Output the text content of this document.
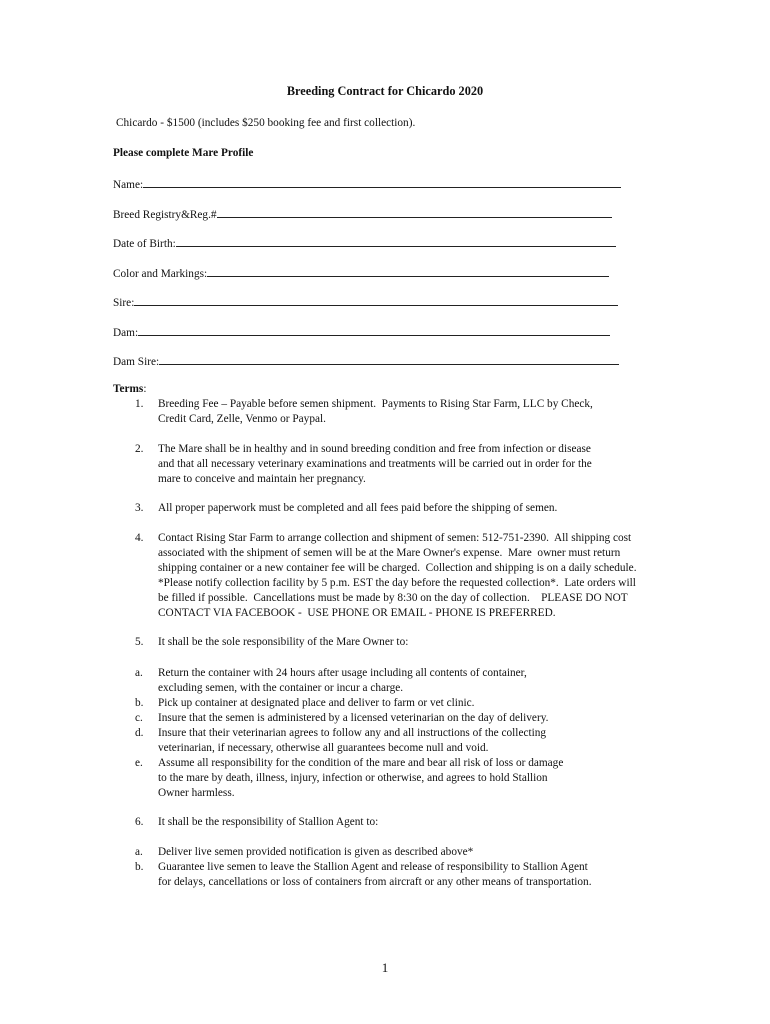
Breeding Contract for Chicardo 2020
Chicardo - $1500 (includes $250 booking fee and first collection).
Please complete Mare Profile
Name:
Breed Registry&Reg.#
Date of Birth:
Color and Markings:
Sire:
Dam:
Dam Sire:
Terms:
1.	Breeding Fee – Payable before semen shipment.  Payments to Rising Star Farm, LLC by Check,
Credit Card, Zelle, Venmo or Paypal.
2.	The Mare shall be in healthy and in sound breeding condition and free from infection or disease
and that all necessary veterinary examinations and treatments will be carried out in order for the
mare to conceive and maintain her pregnancy.
3.	All proper paperwork must be completed and all fees paid before the shipping of semen.
4.	Contact Rising Star Farm to arrange collection and shipment of semen: 512-751-2390.  All shipping cost
associated with the shipment of semen will be at the Mare Owner's expense.  Mare  owner must return
shipping container or a new container fee will be charged.  Collection and shipping is on a daily schedule.
*Please notify collection facility by 5 p.m. EST the day before the requested collection*.  Late orders will
be filled if possible.  Cancellations must be made by 8:30 on the day of collection.    PLEASE DO NOT
CONTACT VIA FACEBOOK -  USE PHONE OR EMAIL - PHONE IS PREFERRED.
5.	It shall be the sole responsibility of the Mare Owner to:
a.	Return the container with 24 hours after usage including all contents of container,
excluding semen, with the container or incur a charge.
b.	Pick up container at designated place and deliver to farm or vet clinic.
c.	Insure that the semen is administered by a licensed veterinarian on the day of delivery.
d.	Insure that their veterinarian agrees to follow any and all instructions of the collecting
veterinarian, if necessary, otherwise all guarantees become null and void.
e.	Assume all responsibility for the condition of the mare and bear all risk of loss or damage
to the mare by death, illness, injury, infection or otherwise, and agrees to hold Stallion
Owner harmless.
6.	It shall be the responsibility of Stallion Agent to:
a.	Deliver live semen provided notification is given as described above*
b.	Guarantee live semen to leave the Stallion Agent and release of responsibility to Stallion Agent
for delays, cancellations or loss of containers from aircraft or any other means of transportation.
1
